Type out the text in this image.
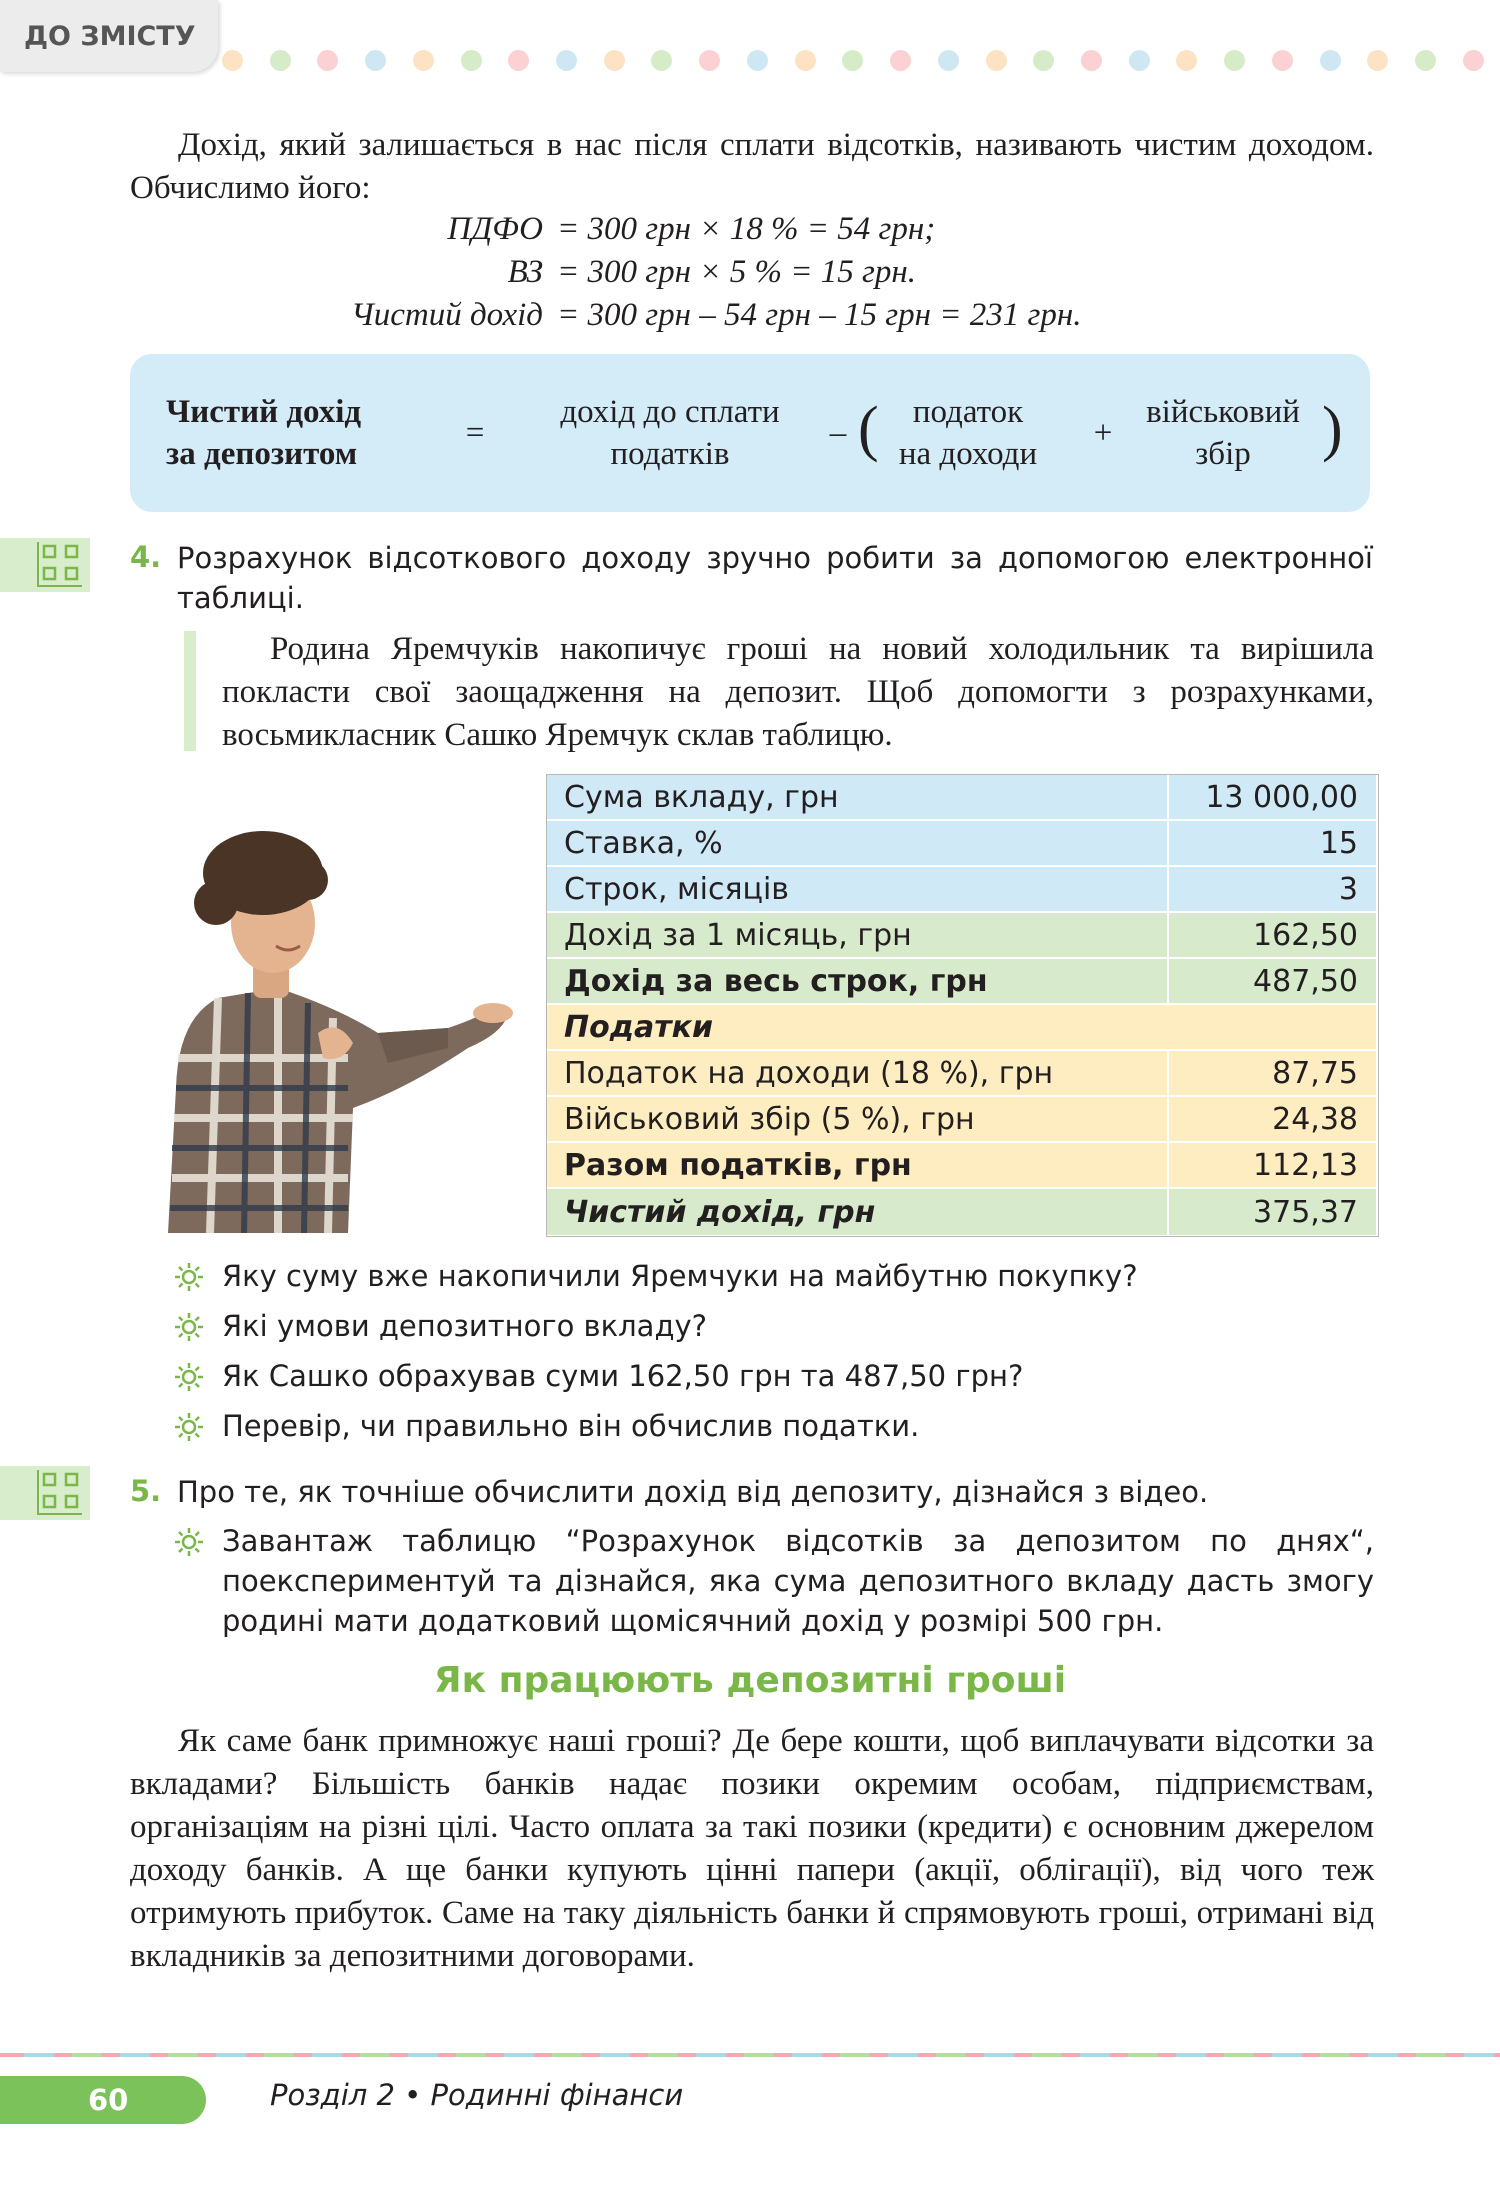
ДО ЗМІСТУ
Дохід, який залишається в нас після сплати відсотків, називають чистим доходом. Обчислимо його:
ПДФО = 300 грн × 18 % = 54 грн;
ВЗ = 300 грн × 5 % = 15 грн.
Чистий дохід = 300 грн – 54 грн – 15 грн = 231 грн.
Чистий дохід
за депозитом
=
дохід до сплати
податків
– (	податок
на доходи
+
військовий
збір	)
4. Розрахунок відсоткового доходу зручно робити за допомогою електронної таблиці.
Родина Яремчуків накопичує гроші на новий холодильник та вирішила покласти свої заощадження на депозит. Щоб допомогти з розрахунками, восьмикласник Сашко Яремчук склав таблицю.
Сума вкладу, грн	13 000,00
Ставка, %	15
Строк, місяців	3
Дохід за 1 місяць, грн	162,50
Дохід за весь строк, грн	487,50
Податки
Податок на доходи (18 %), грн	87,75
Військовий збір (5 %), грн	24,38
Разом податків, грн	112,13
Чистий дохід, грн	375,37
Яку суму вже накопичили Яремчуки на майбутню покупку?
Які умови депозитного вкладу?
Як Сашко обрахував суми 162,50 грн та 487,50 грн?
Перевір, чи правильно він обчислив податки.
5. Про те, як точніше обчислити дохід від депозиту, дізнайся з відео.
Завантаж таблицю “Розрахунок відсотків за депозитом по днях“, поекспериментуй та дізнайся, яка сума депозитного вкладу дасть змогу родині мати додатковий щомісячний дохід у розмірі 500 грн.
Як працюють депозитні гроші
Як саме банк примножує наші гроші? Де бере кошти, щоб виплачувати відсотки за вкладами? Більшість банків надає позики окремим особам, підприємствам, організаціям на різні цілі. Часто оплата за такі позики (кредити) є основним джерелом доходу банків. А ще банки купують цінні папери (акції, облігації), від чого теж отримують прибуток. Саме на таку діяльність банки й спрямовують гроші, отримані від вкладників за депозитними договорами.
60	Розділ 2 • Родинні фінанси
